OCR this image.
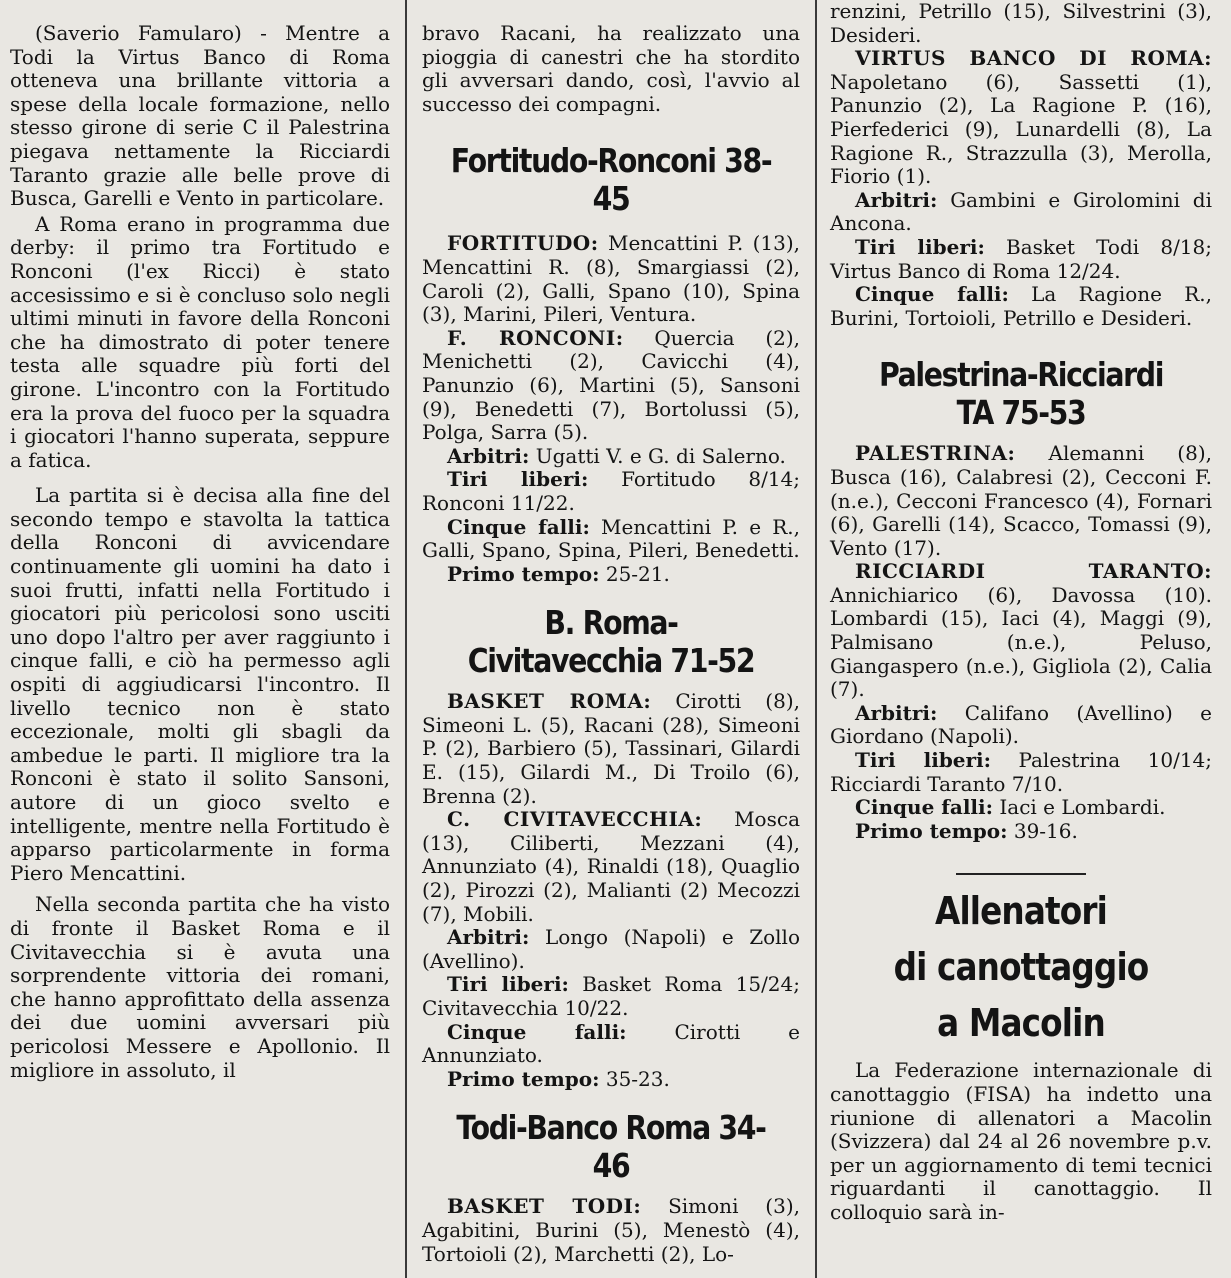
(Saverio Famularo) - Mentre a Todi la Virtus Banco di Roma otteneva una brillante vittoria a spese della locale formazione, nello stesso girone di serie C il Palestrina piegava nettamente la Ricciardi Taranto grazie alle belle prove di Busca, Garelli e Vento in particolare.

A Roma erano in programma due derby: il primo tra Fortitudo e Ronconi (l'ex Ricci) è stato accesissimo e si è concluso solo negli ultimi minuti in favore della Ronconi che ha dimostrato di poter tenere testa alle squadre più forti del girone. L'incontro con la Fortitudo era la prova del fuoco per la squadra i giocatori l'hanno superata, seppure a fatica.

La partita si è decisa alla fine del secondo tempo e stavolta la tattica della Ronconi di avvicendare continuamente gli uomini ha dato i suoi frutti, infatti nella Fortitudo i giocatori più pericolosi sono usciti uno dopo l'altro per aver raggiunto i cinque falli, e ciò ha permesso agli ospiti di aggiudicarsi l'incontro. Il livello tecnico non è stato eccezionale, molti gli sbagli da ambedue le parti. Il migliore tra la Ronconi è stato il solito Sansoni, autore di un gioco svelto e intelligente, mentre nella Fortitudo è apparso particolarmente in forma Piero Mencattini.

Nella seconda partita che ha visto di fronte il Basket Roma e il Civitavecchia si è avuta una sorprendente vittoria dei romani, che hanno approfittato della assenza dei due uomini avversari più pericolosi Messere e Apollonio. Il migliore in assoluto, il

bravo Racani, ha realizzato una pioggia di canestri che ha stordito gli avversari dando, così, l'avvio al successo dei compagni.

Fortitudo-Ronconi 38-45

FORTITUDO: Mencattini P. (13), Mencattini R. (8), Smargiassi (2), Caroli (2), Galli, Spano (10), Spina (3), Marini, Pileri, Ventura.

F. RONCONI: Quercia (2), Menichetti (2), Cavicchi (4), Panunzio (6), Martini (5), Sansoni (9), Benedetti (7), Bortolussi (5), Polga, Sarra (5).

Arbitri: Ugatti V. e G. di Salerno.

Tiri liberi: Fortitudo 8/14; Ronconi 11/22.

Cinque falli: Mencattini P. e R., Galli, Spano, Spina, Pileri, Benedetti.

Primo tempo: 25-21.

B. Roma-Civitavecchia 71-52

BASKET ROMA: Cirotti (8), Simeoni L. (5), Racani (28), Simeoni P. (2), Barbiero (5), Tassinari, Gilardi E. (15), Gilardi M., Di Troilo (6), Brenna (2).

C. CIVITAVECCHIA: Mosca (13), Ciliberti, Mezzani (4), Annunziato (4), Rinaldi (18), Quaglio (2), Pirozzi (2), Malianti (2) Mecozzi (7), Mobili.

Arbitri: Longo (Napoli) e Zollo (Avellino).

Tiri liberi: Basket Roma 15/24; Civitavecchia 10/22.

Cinque falli: Cirotti e Annunziato.

Primo tempo: 35-23.

Todi-Banco Roma 34-46

BASKET TODI: Simoni (3), Agabitini, Burini (5), Menestò (4), Tortoioli (2), Marchetti (2), Lo-

renzini, Petrillo (15), Silvestrini (3), Desideri.

VIRTUS BANCO DI ROMA: Napoletano (6), Sassetti (1), Panunzio (2), La Ragione P. (16), Pierfederici (9), Lunardelli (8), La Ragione R., Strazzulla (3), Merolla, Fiorio (1).

Arbitri: Gambini e Girolomini di Ancona.

Tiri liberi: Basket Todi 8/18; Virtus Banco di Roma 12/24.

Cinque falli: La Ragione R., Burini, Tortoioli, Petrillo e Desideri.

Palestrina-Ricciardi TA 75-53

PALESTRINA: Alemanni (8), Busca (16), Calabresi (2), Cecconi F. (n.e.), Cecconi Francesco (4), Fornari (6), Garelli (14), Scacco, Tomassi (9), Vento (17).

RICCIARDI TARANTO: Annichiarico (6), Davossa (10). Lombardi (15), Iaci (4), Maggi (9), Palmisano (n.e.), Peluso, Giangaspero (n.e.), Gigliola (2), Calia (7).

Arbitri: Califano (Avellino) e Giordano (Napoli).

Tiri liberi: Palestrina 10/14; Ricciardi Taranto 7/10.

Cinque falli: Iaci e Lombardi.

Primo tempo: 39-16.

Allenatori
di canottaggio
a Macolin

La Federazione internazionale di canottaggio (FISA) ha indetto una riunione di allenatori a Macolin (Svizzera) dal 24 al 26 novembre p.v. per un aggiornamento di temi tecnici riguardanti il canottaggio. Il colloquio sarà in-
